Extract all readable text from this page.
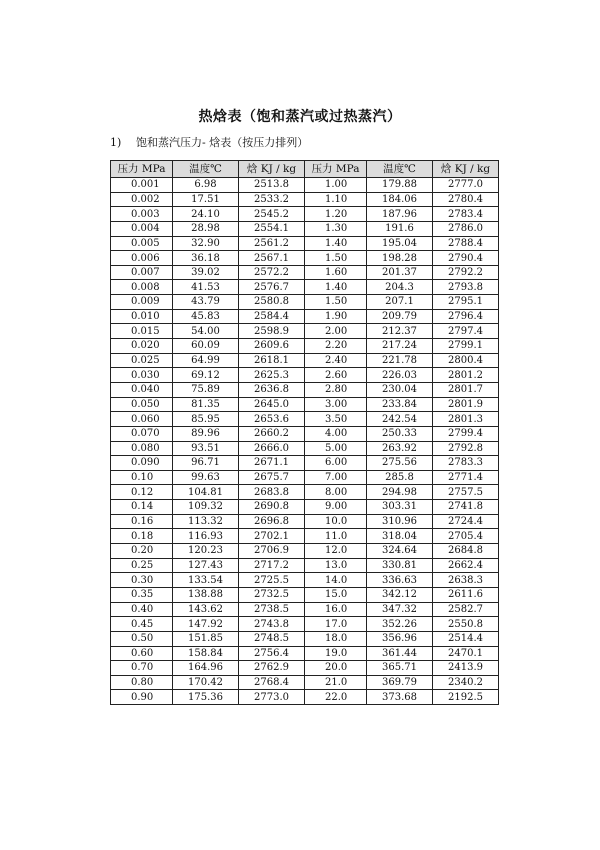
热焓表（饱和蒸汽或过热蒸汽）
1) 饱和蒸汽压力- 焓表（按压力排列）
压力 MPa	温度℃	焓 KJ / kg	压力 MPa	温度℃	焓 KJ / kg
0.001	6.98	2513.8	1.00	179.88	2777.0
0.002	17.51	2533.2	1.10	184.06	2780.4
0.003	24.10	2545.2	1.20	187.96	2783.4
0.004	28.98	2554.1	1.30	191.6	2786.0
0.005	32.90	2561.2	1.40	195.04	2788.4
0.006	36.18	2567.1	1.50	198.28	2790.4
0.007	39.02	2572.2	1.60	201.37	2792.2
0.008	41.53	2576.7	1.40	204.3	2793.8
0.009	43.79	2580.8	1.50	207.1	2795.1
0.010	45.83	2584.4	1.90	209.79	2796.4
0.015	54.00	2598.9	2.00	212.37	2797.4
0.020	60.09	2609.6	2.20	217.24	2799.1
0.025	64.99	2618.1	2.40	221.78	2800.4
0.030	69.12	2625.3	2.60	226.03	2801.2
0.040	75.89	2636.8	2.80	230.04	2801.7
0.050	81.35	2645.0	3.00	233.84	2801.9
0.060	85.95	2653.6	3.50	242.54	2801.3
0.070	89.96	2660.2	4.00	250.33	2799.4
0.080	93.51	2666.0	5.00	263.92	2792.8
0.090	96.71	2671.1	6.00	275.56	2783.3
0.10	99.63	2675.7	7.00	285.8	2771.4
0.12	104.81	2683.8	8.00	294.98	2757.5
0.14	109.32	2690.8	9.00	303.31	2741.8
0.16	113.32	2696.8	10.0	310.96	2724.4
0.18	116.93	2702.1	11.0	318.04	2705.4
0.20	120.23	2706.9	12.0	324.64	2684.8
0.25	127.43	2717.2	13.0	330.81	2662.4
0.30	133.54	2725.5	14.0	336.63	2638.3
0.35	138.88	2732.5	15.0	342.12	2611.6
0.40	143.62	2738.5	16.0	347.32	2582.7
0.45	147.92	2743.8	17.0	352.26	2550.8
0.50	151.85	2748.5	18.0	356.96	2514.4
0.60	158.84	2756.4	19.0	361.44	2470.1
0.70	164.96	2762.9	20.0	365.71	2413.9
0.80	170.42	2768.4	21.0	369.79	2340.2
0.90	175.36	2773.0	22.0	373.68	2192.5
